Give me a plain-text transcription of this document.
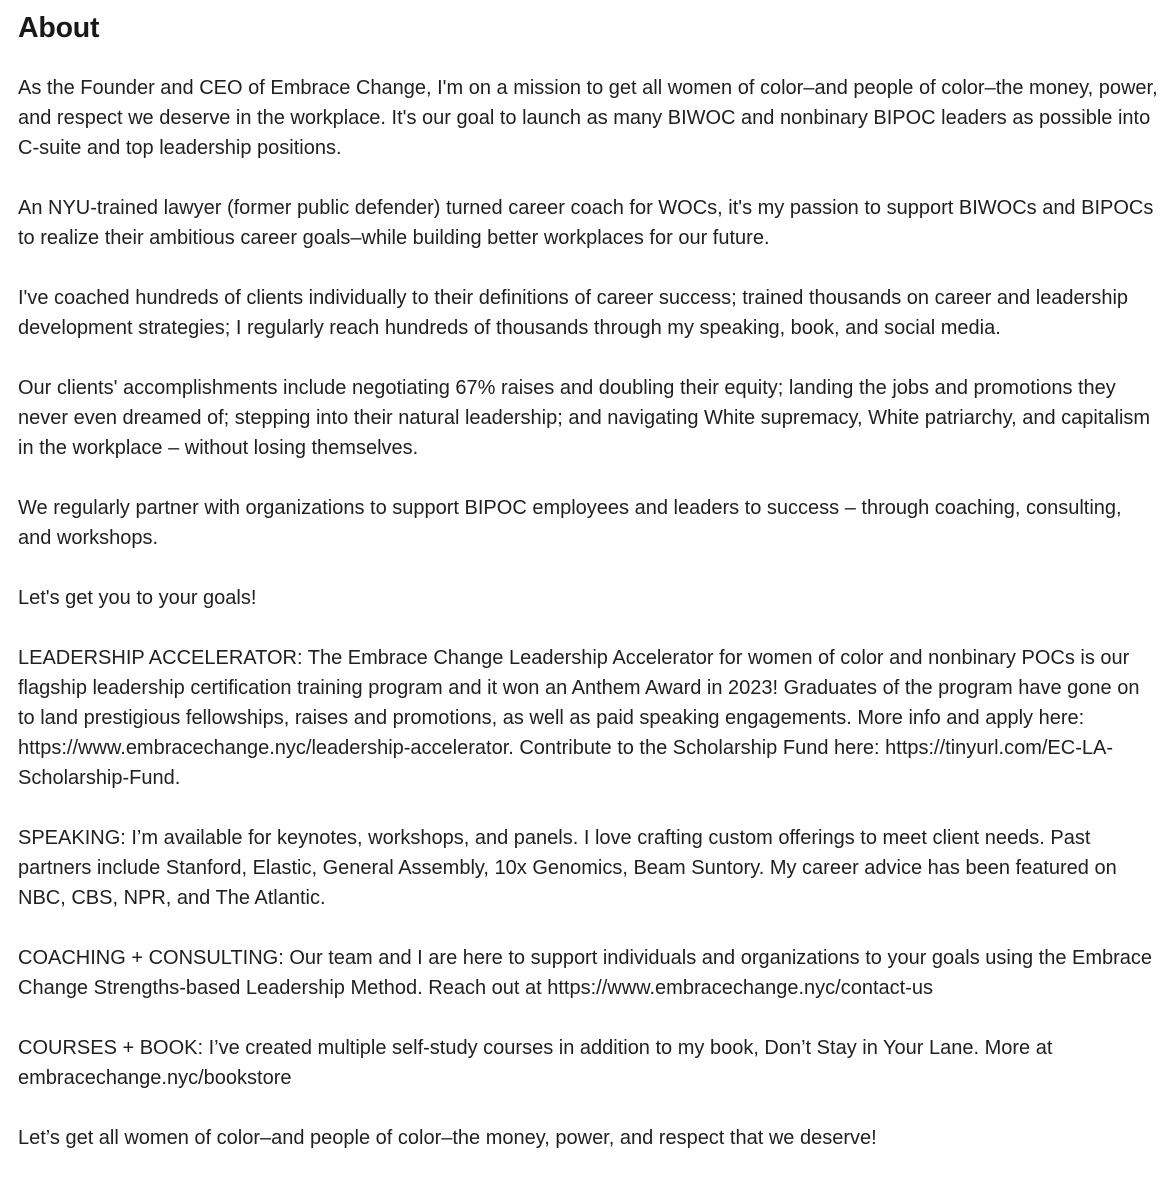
About

As the Founder and CEO of Embrace Change, I'm on a mission to get all women of color–and people of color–the money, power, and respect we deserve in the workplace. It's our goal to launch as many BIWOC and nonbinary BIPOC leaders as possible into C-suite and top leadership positions.

An NYU-trained lawyer (former public defender) turned career coach for WOCs, it's my passion to support BIWOCs and BIPOCs to realize their ambitious career goals–while building better workplaces for our future.

I've coached hundreds of clients individually to their definitions of career success; trained thousands on career and leadership development strategies; I regularly reach hundreds of thousands through my speaking, book, and social media.

Our clients' accomplishments include negotiating 67% raises and doubling their equity; landing the jobs and promotions they never even dreamed of; stepping into their natural leadership; and navigating White supremacy, White patriarchy, and capitalism in the workplace – without losing themselves.

We regularly partner with organizations to support BIPOC employees and leaders to success – through coaching, consulting, and workshops.

Let's get you to your goals!

LEADERSHIP ACCELERATOR: The Embrace Change Leadership Accelerator for women of color and nonbinary POCs is our flagship leadership certification training program and it won an Anthem Award in 2023! Graduates of the program have gone on to land prestigious fellowships, raises and promotions, as well as paid speaking engagements. More info and apply here: https://www.embracechange.nyc/leadership-accelerator. Contribute to the Scholarship Fund here: https://tinyurl.com/EC-LA-Scholarship-Fund.

SPEAKING: I’m available for keynotes, workshops, and panels. I love crafting custom offerings to meet client needs. Past partners include Stanford, Elastic, General Assembly, 10x Genomics, Beam Suntory. My career advice has been featured on NBC, CBS, NPR, and The Atlantic.

COACHING + CONSULTING: Our team and I are here to support individuals and organizations to your goals using the Embrace Change Strengths-based Leadership Method. Reach out at https://www.embracechange.nyc/contact-us

COURSES + BOOK: I’ve created multiple self-study courses in addition to my book, Don’t Stay in Your Lane. More at embracechange.nyc/bookstore

Let’s get all women of color–and people of color–the money, power, and respect that we deserve!
